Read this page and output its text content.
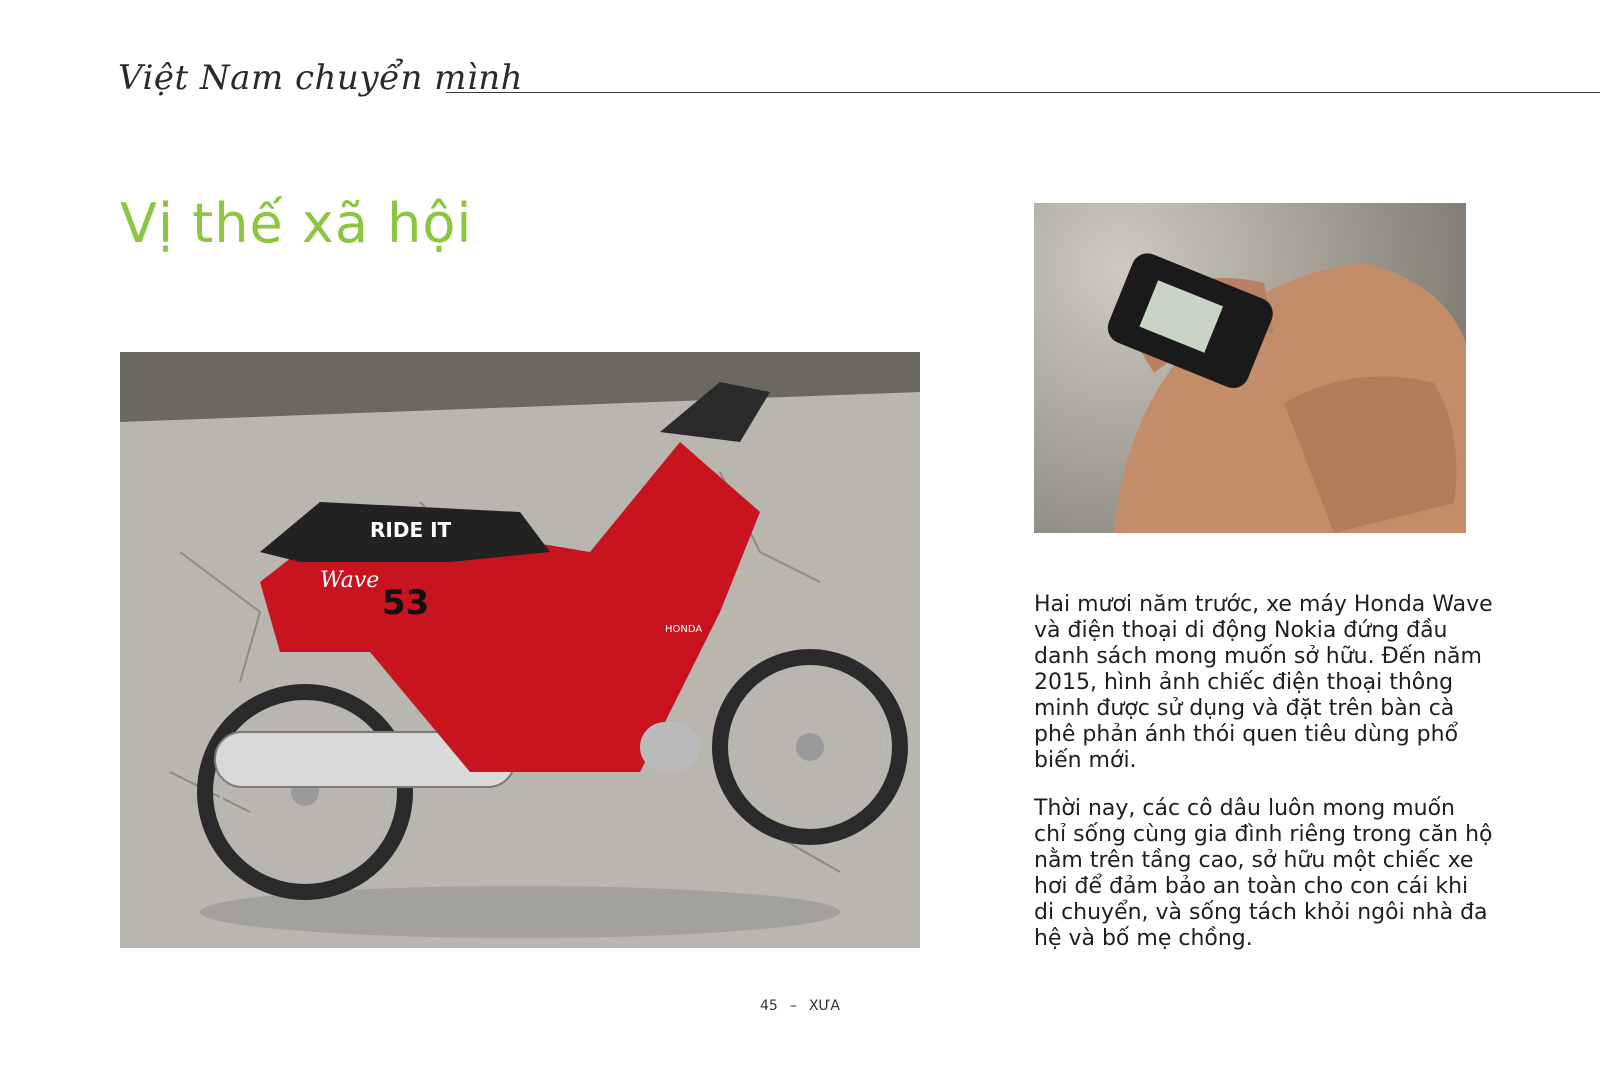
Việt Nam chuyển mình
Vị thế xã hội
RIDE IT
Wave
53
HONDA
Hai mươi năm trước, xe máy Honda Wave và điện thoại di động Nokia đứng đầu danh sách mong muốn sở hữu. Đến năm 2015, hình ảnh chiếc điện thoại thông minh được sử dụng và đặt trên bàn cà phê phản ánh thói quen tiêu dùng phổ biến mới.
Thời nay, các cô dâu luôn mong muốn chỉ sống cùng gia đình riêng trong căn hộ nằm trên tầng cao, sở hữu một chiếc xe hơi để đảm bảo an toàn cho con cái khi di chuyển, và sống tách khỏi ngôi nhà đa hệ và bố mẹ chồng.
45 – XƯA
